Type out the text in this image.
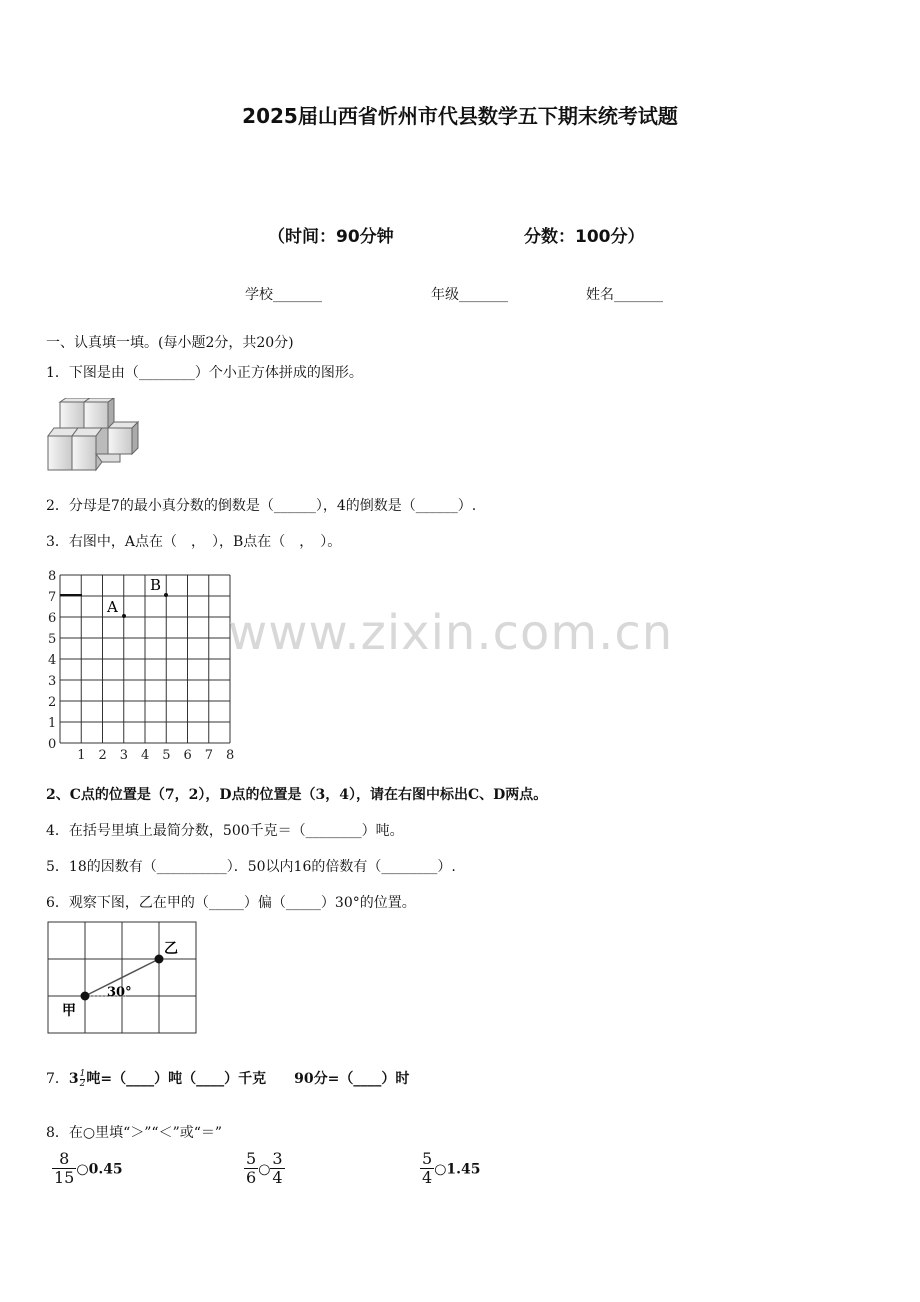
2025届山西省忻州市代县数学五下期末统考试题
（时间：90分钟	分数：100分）
学校_______	年级_______	姓名_______
一、认真填一填。(每小题2分，共20分)
1．下图是由（________）个小正方体拼成的图形。
2．分母是7的最小真分数的倒数是（______），4的倒数是（______）.
3．右图中，A点在（　，　），B点在（　，　）。
0
1
2
3
4
5
6
7
8
1 2 3 4 5 6 7 8
A
B
2、C点的位置是（7，2），D点的位置是（3，4），请在右图中标出C、D两点。
4．在括号里填上最简分数，500千克＝（________）吨。
5．18的因数有（__________）．50以内16的倍数有（________）.
6．观察下图，乙在甲的（_____）偏（_____）30°的位置。
甲
乙
30°
7．$3 \frac{1}{2}$ 吨=（____）吨（____）千克　　90分=（____）时
8．在○里填“＞”“＜”或“＝”
$\frac{8}{15}$ ○0.45	$\frac{5}{6}$ ○ $\frac{3}{4}$	$\frac{5}{4}$ ○1.45
www.zixin.com.cn
